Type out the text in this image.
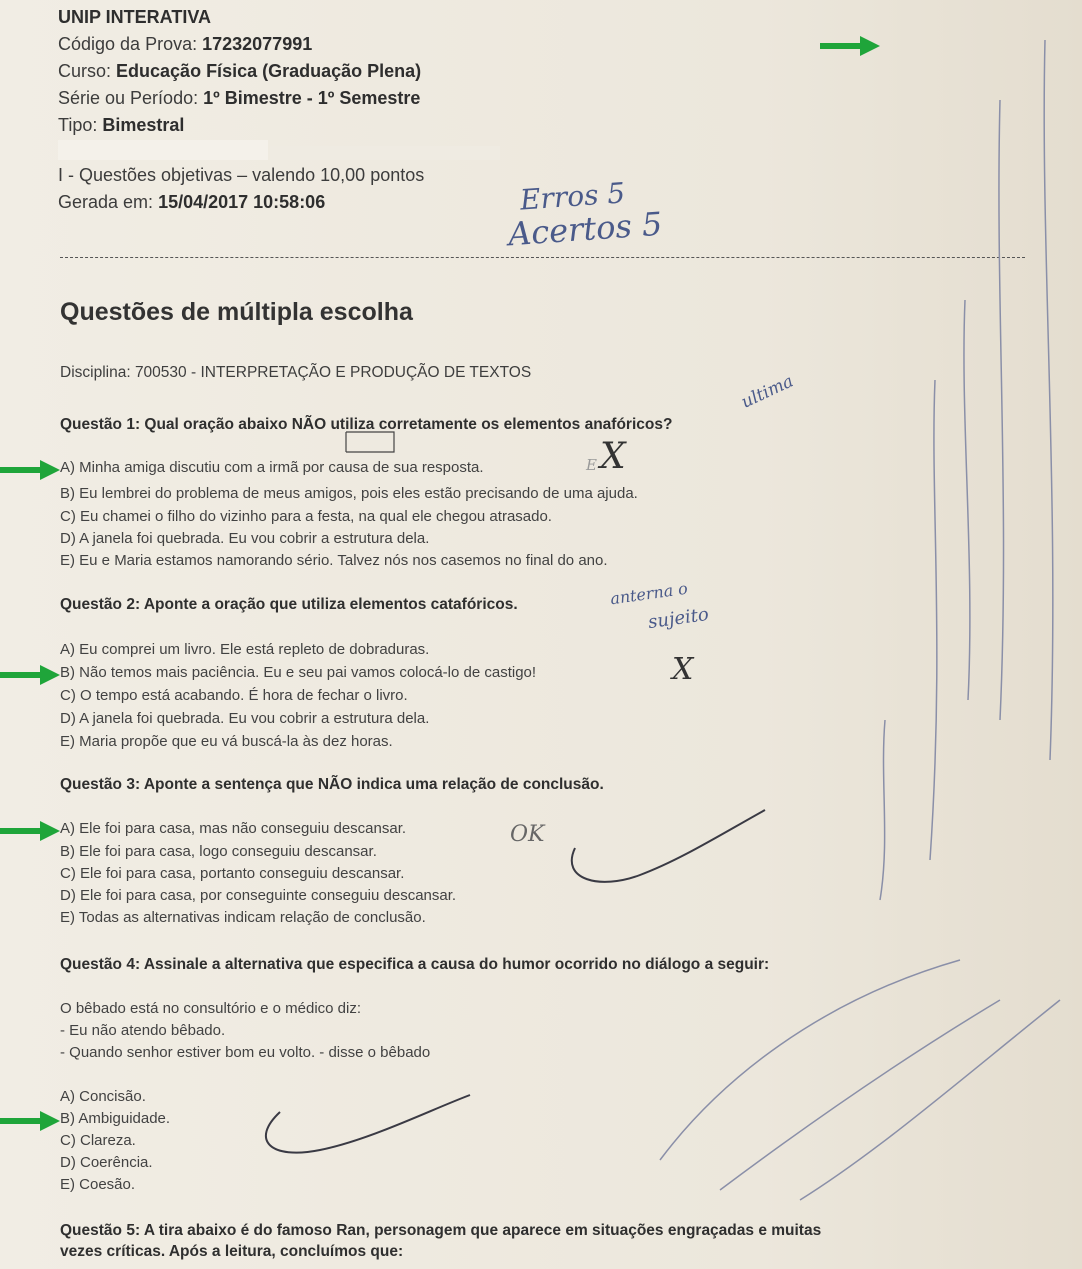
UNIP INTERATIVA
Código da Prova: 17232077991
Curso: Educação Física (Graduação Plena)
Série ou Período: 1º Bimestre - 1º Semestre
Tipo: Bimestral
I - Questões objetivas – valendo 10,00 pontos
Gerada em: 15/04/2017 10:58:06	Erros 5
Acertos 5
Questões de múltipla escolha
Disciplina: 700530 - INTERPRETAÇÃO E PRODUÇÃO DE TEXTOS
Questão 1: Qual oração abaixo NÃO utiliza corretamente os elementos anafóricos?
A) Minha amiga discutiu com a irmã por causa de sua resposta.
B) Eu lembrei do problema de meus amigos, pois eles estão precisando de uma ajuda.
C) Eu chamei o filho do vizinho para a festa, na qual ele chegou atrasado.
D) A janela foi quebrada. Eu vou cobrir a estrutura dela.
E) Eu e Maria estamos namorando sério. Talvez nós nos casemos no final do ano.
Questão 2: Aponte a oração que utiliza elementos catafóricos.
A) Eu comprei um livro. Ele está repleto de dobraduras.
B) Não temos mais paciência. Eu e seu pai vamos colocá-lo de castigo!
C) O tempo está acabando. É hora de fechar o livro.
D) A janela foi quebrada. Eu vou cobrir a estrutura dela.
E) Maria propõe que eu vá buscá-la às dez horas.
Questão 3: Aponte a sentença que NÃO indica uma relação de conclusão.
A) Ele foi para casa, mas não conseguiu descansar.
B) Ele foi para casa, logo conseguiu descansar.
C) Ele foi para casa, portanto conseguiu descansar.
D) Ele foi para casa, por conseguinte conseguiu descansar.
E) Todas as alternativas indicam relação de conclusão.
Questão 4: Assinale a alternativa que especifica a causa do humor ocorrido no diálogo a seguir:
O bêbado está no consultório e o médico diz:
- Eu não atendo bêbado.
- Quando senhor estiver bom eu volto. - disse o bêbado
A) Concisão.
B) Ambiguidade.
C) Clareza.
D) Coerência.
E) Coesão.
Questão 5: A tira abaixo é do famoso Ran, personagem que aparece em situações engraçadas e muitas
vezes críticas. Após a leitura, concluímos que:
ultima
X
E
anterna o
sujeito
X
OK
